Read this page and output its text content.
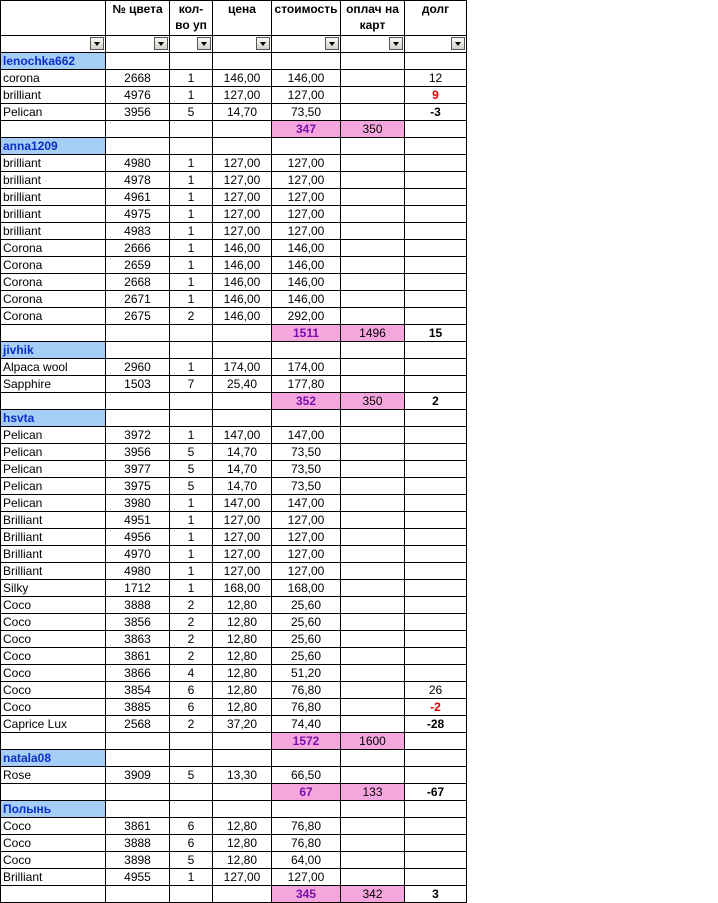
	№ цвета	кол-во уп	цена	стоимость	оплач на карт	долг

lenochka662						
corona	2668	1	146,00	146,00		12
brilliant	4976	1	127,00	127,00		9
Pelican	3956	5	14,70	73,50		-3
				347	350	
anna1209						
brilliant	4980	1	127,00	127,00		
brilliant	4978	1	127,00	127,00		
brilliant	4961	1	127,00	127,00		
brilliant	4975	1	127,00	127,00		
brilliant	4983	1	127,00	127,00		
Corona	2666	1	146,00	146,00		
Corona	2659	1	146,00	146,00		
Corona	2668	1	146,00	146,00		
Corona	2671	1	146,00	146,00		
Corona	2675	2	146,00	292,00		
				1511	1496	15
jivhik						
Alpaca wool	2960	1	174,00	174,00		
Sapphire	1503	7	25,40	177,80		
				352	350	2
hsvta						
Pelican	3972	1	147,00	147,00		
Pelican	3956	5	14,70	73,50		
Pelican	3977	5	14,70	73,50		
Pelican	3975	5	14,70	73,50		
Pelican	3980	1	147,00	147,00		
Brilliant	4951	1	127,00	127,00		
Brilliant	4956	1	127,00	127,00		
Brilliant	4970	1	127,00	127,00		
Brilliant	4980	1	127,00	127,00		
Silky	1712	1	168,00	168,00		
Coco	3888	2	12,80	25,60		
Coco	3856	2	12,80	25,60		
Coco	3863	2	12,80	25,60		
Coco	3861	2	12,80	25,60		
Coco	3866	4	12,80	51,20		
Coco	3854	6	12,80	76,80		26
Coco	3885	6	12,80	76,80		-2
Caprice Lux	2568	2	37,20	74,40		-28
				1572	1600	
natala08						
Rose	3909	5	13,30	66,50		
				67	133	-67
Полынь						
Coco	3861	6	12,80	76,80		
Coco	3888	6	12,80	76,80		
Coco	3898	5	12,80	64,00		
Brilliant	4955	1	127,00	127,00		
				345	342	3
